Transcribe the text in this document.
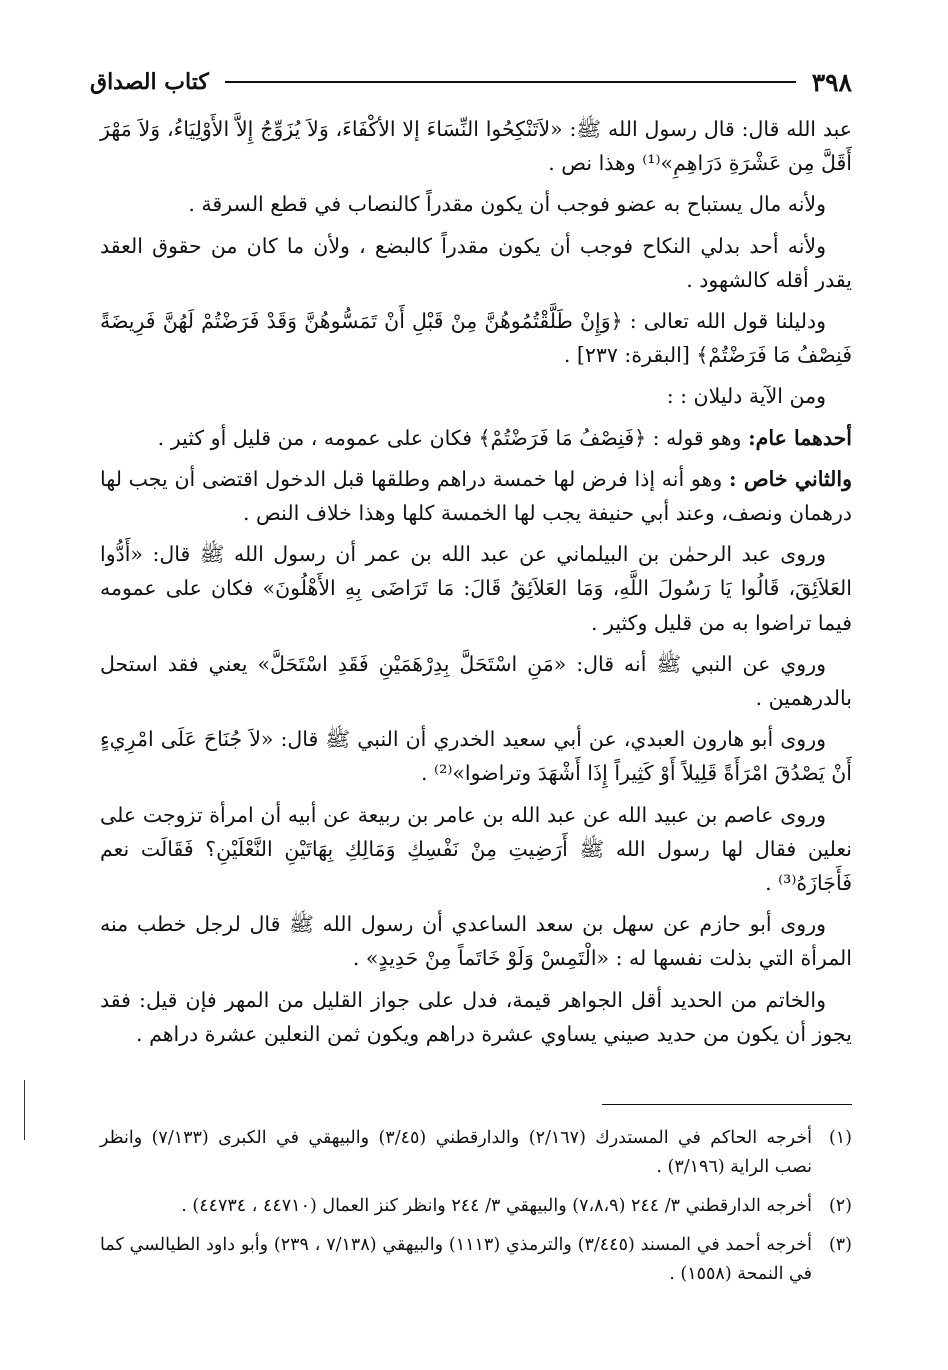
٣٩٨
كتاب الصداق

عبد الله قال: قال رسول الله ﷺ: «لاَتَنْكِحُوا النِّسَاءَ إلا الأكْفَاءَ، وَلاَ يُزَوِّجُ إِلاَّ الأَوْلِيَاءُ، وَلاَ مَهْرَ أَقَلَّ مِن عَشْرَةِ دَرَاهِمِ»⁽¹⁾ وهذا نص .

ولأنه مال يستباح به عضو فوجب أن يكون مقدراً كالنصاب في قطع السرقة .

ولأنه أحد بدلي النكاح فوجب أن يكون مقدراً كالبضع ، ولأن ما كان من حقوق العقد يقدر أقله كالشهود .

ودليلنا قول الله تعالى : ﴿وَإِنْ طَلَّقْتُمُوهُنَّ مِنْ قَبْلِ أَنْ تَمَسُّوهُنَّ وَقَدْ فَرَضْتُمْ لَهُنَّ فَرِيضَةً فَنِصْفُ مَا فَرَضْتُمْ﴾ [البقرة: ٢٣٧] .

ومن الآية دليلان : :

أحدهما عام: وهو قوله : ﴿فَنِصْفُ مَا فَرَضْتُمْ﴾ فكان على عمومه ، من قليل أو كثير .

والثاني خاص : وهو أنه إذا فرض لها خمسة دراهم وطلقها قبل الدخول اقتضى أن يجب لها درهمان ونصف، وعند أبي حنيفة يجب لها الخمسة كلها وهذا خلاف النص .

وروى عبد الرحمٰن بن البيلماني عن عبد الله بن عمر أن رسول الله ﷺ قال: «أَدُّوا العَلاَئِقَ، قَالُوا يَا رَسُولَ اللَّهِ، وَمَا العَلاَئِقُ قَالَ: مَا تَرَاضَى بِهِ الأَهْلُونَ» فكان على عمومه فيما تراضوا به من قليل وكثير .

وروي عن النبي ﷺ أنه قال: «مَنِ اسْتَحَلَّ بِدِرْهَمَيْنِ فَقَدِ اسْتَحَلَّ» يعني فقد استحل بالدرهمين .

وروى أبو هارون العبدي، عن أبي سعيد الخدري أن النبي ﷺ قال: «لاَ جُنَاحَ عَلَى امْرِيءٍ أَنْ يَصْدُقَ امْرَأَةً قَلِيلاً أَوْ كَثِيراً إِذَا أَشْهَدَ وتراضوا»⁽²⁾ .

وروى عاصم بن عبيد الله عن عبد الله بن عامر بن ربيعة عن أبيه أن امرأة تزوجت على نعلين فقال لها رسول الله ﷺ أَرَضِيتِ مِنْ نَفْسِكِ وَمَالِكِ بِهَاتَيْنِ النَّعْلَيْنِ؟ فَقَالَت نعم فَأَجَازَهُ⁽³⁾ .

وروى أبو حازم عن سهل بن سعد الساعدي أن رسول الله ﷺ قال لرجل خطب منه المرأة التي بذلت نفسها له : «الْتَمِسْ وَلَوْ خَاتَماً مِنْ حَدِيدٍ» .

والخاتم من الحديد أقل الجواهر قيمة، فدل على جواز القليل من المهر فإن قيل: فقد يجوز أن يكون من حديد صيني يساوي عشرة دراهم ويكون ثمن النعلين عشرة دراهم .

(١)
أخرجه الحاكم في المستدرك (٢/١٦٧) والدارقطني (٣/٤٥) والبيهقي في الكبرى (٧/١٣٣) وانظر نصب الراية (٣/١٩٦) .
(٢)
أخرجه الدارقطني ٣/ ٢٤٤ (٧،٨،٩) والبيهقي ٣/ ٢٤٤ وانظر كنز العمال (٤٤٧١٠ ، ٤٤٧٣٤) .
(٣)
أخرجه أحمد في المسند (٣/٤٤٥) والترمذي (١١١٣) والبيهقي (٧/١٣٨ ، ٢٣٩) وأبو داود الطيالسي كما في النمحة (١٥٥٨) .
